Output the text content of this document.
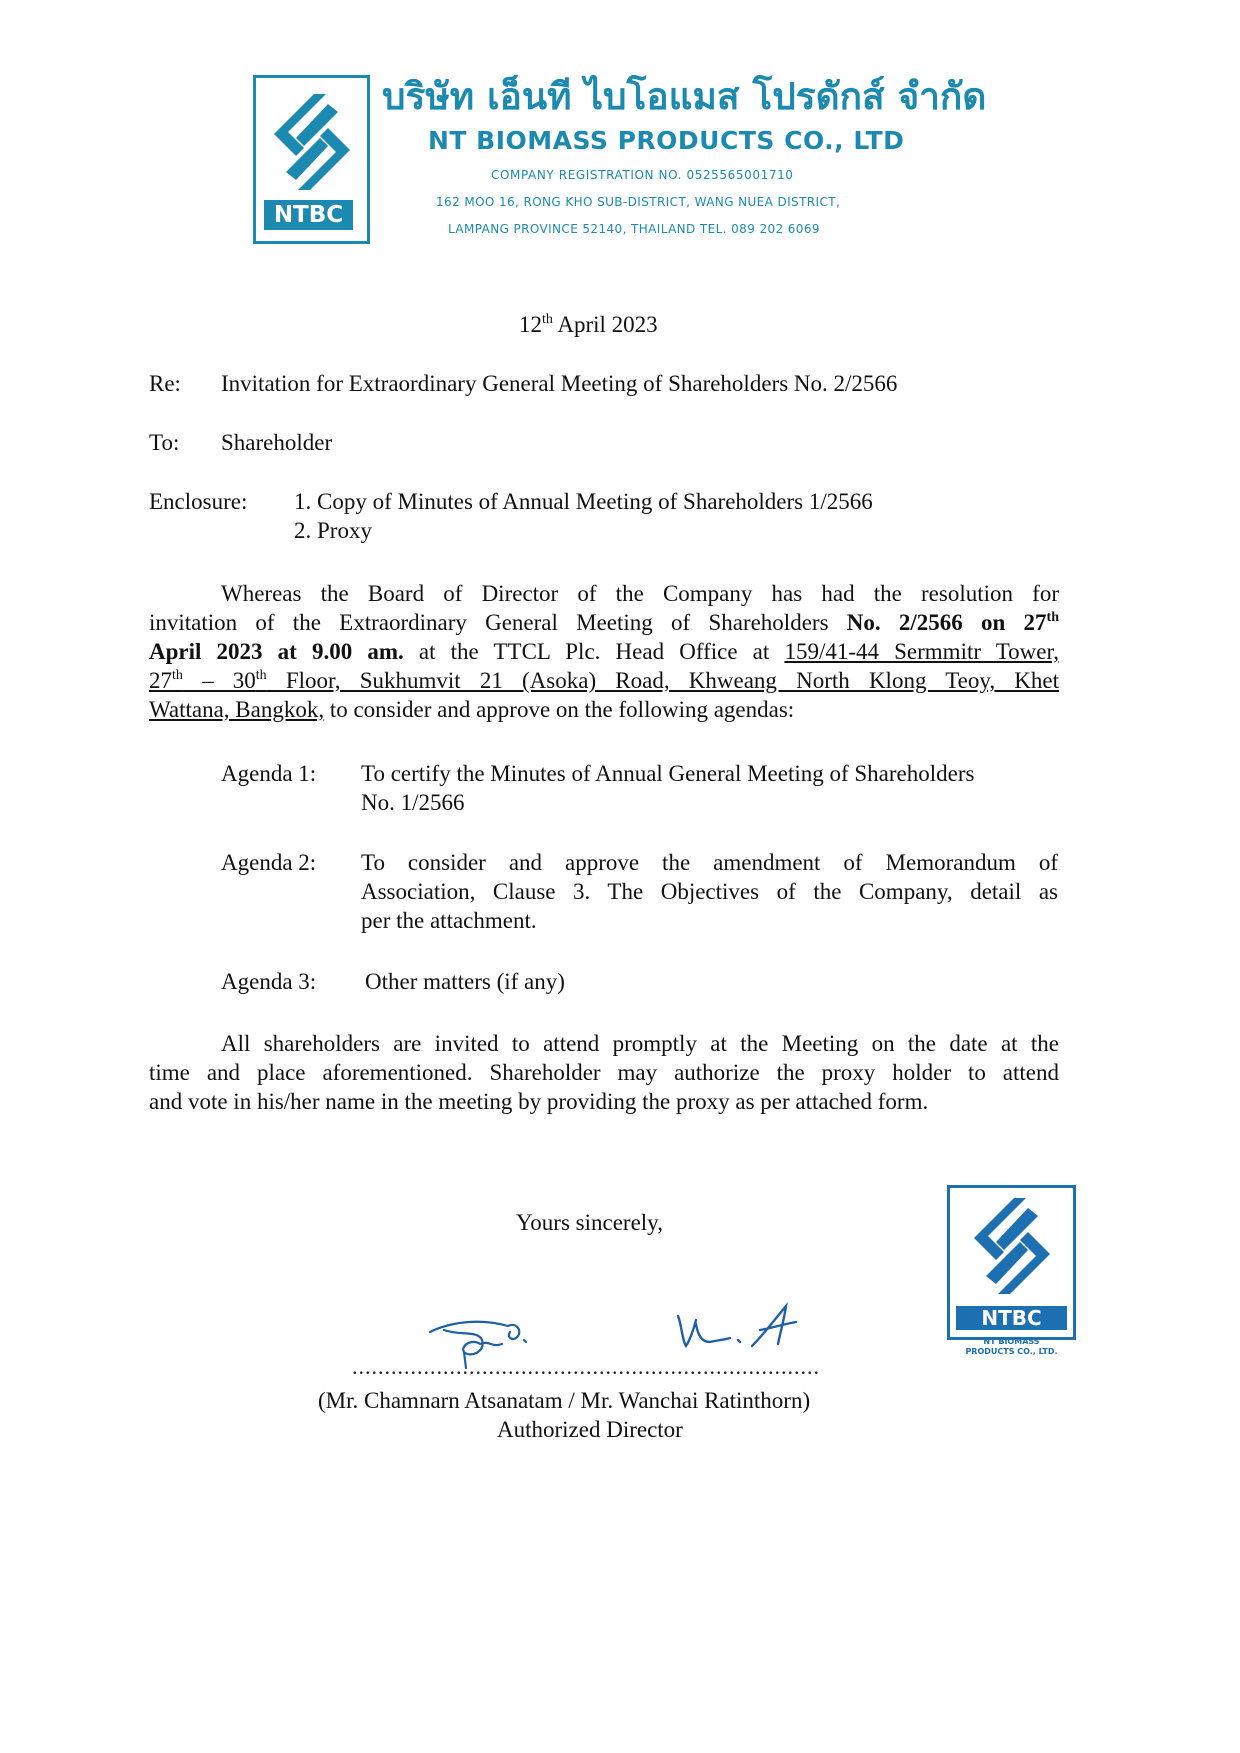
NTBC
บริษัท เอ็นที ไบโอแมส โปรดักส์ จำกัด
NT BIOMASS PRODUCTS CO., LTD
COMPANY REGISTRATION NO. 0525565001710
162 MOO 16, RONG KHO SUB-DISTRICT, WANG NUEA DISTRICT,
LAMPANG PROVINCE 52140, THAILAND TEL. 089 202 6069
12th April 2023
Re: Invitation for Extraordinary General Meeting of Shareholders No. 2/2566
To: Shareholder
Enclosure: 1. Copy of Minutes of Annual Meeting of Shareholders 1/2566
2. Proxy
Whereas the Board of Director of the Company has had the resolution for
invitation of the Extraordinary General Meeting of Shareholders No. 2/2566 on 27th
April 2023 at 9.00 am. at the TTCL Plc. Head Office at 159/41-44 Sermmitr Tower,
27th – 30th Floor, Sukhumvit 21 (Asoka) Road, Khweang North Klong Teoy, Khet
Wattana, Bangkok, to consider and approve on the following agendas:
Agenda 1: To certify the Minutes of Annual General Meeting of Shareholders
No. 1/2566
Agenda 2: To consider and approve the amendment of Memorandum of
Association, Clause 3. The Objectives of the Company, detail as
per the attachment.
Agenda 3: Other matters (if any)
All shareholders are invited to attend promptly at the Meeting on the date at the
time and place aforementioned. Shareholder may authorize the proxy holder to attend
and vote in his/her name in the meeting by providing the proxy as per attached form.
Yours sincerely,
........................................................................
(Mr. Chamnarn Atsanatam / Mr. Wanchai Ratinthorn)
Authorized Director
NTBC
NT BIOMASS
PRODUCTS CO., LTD.
